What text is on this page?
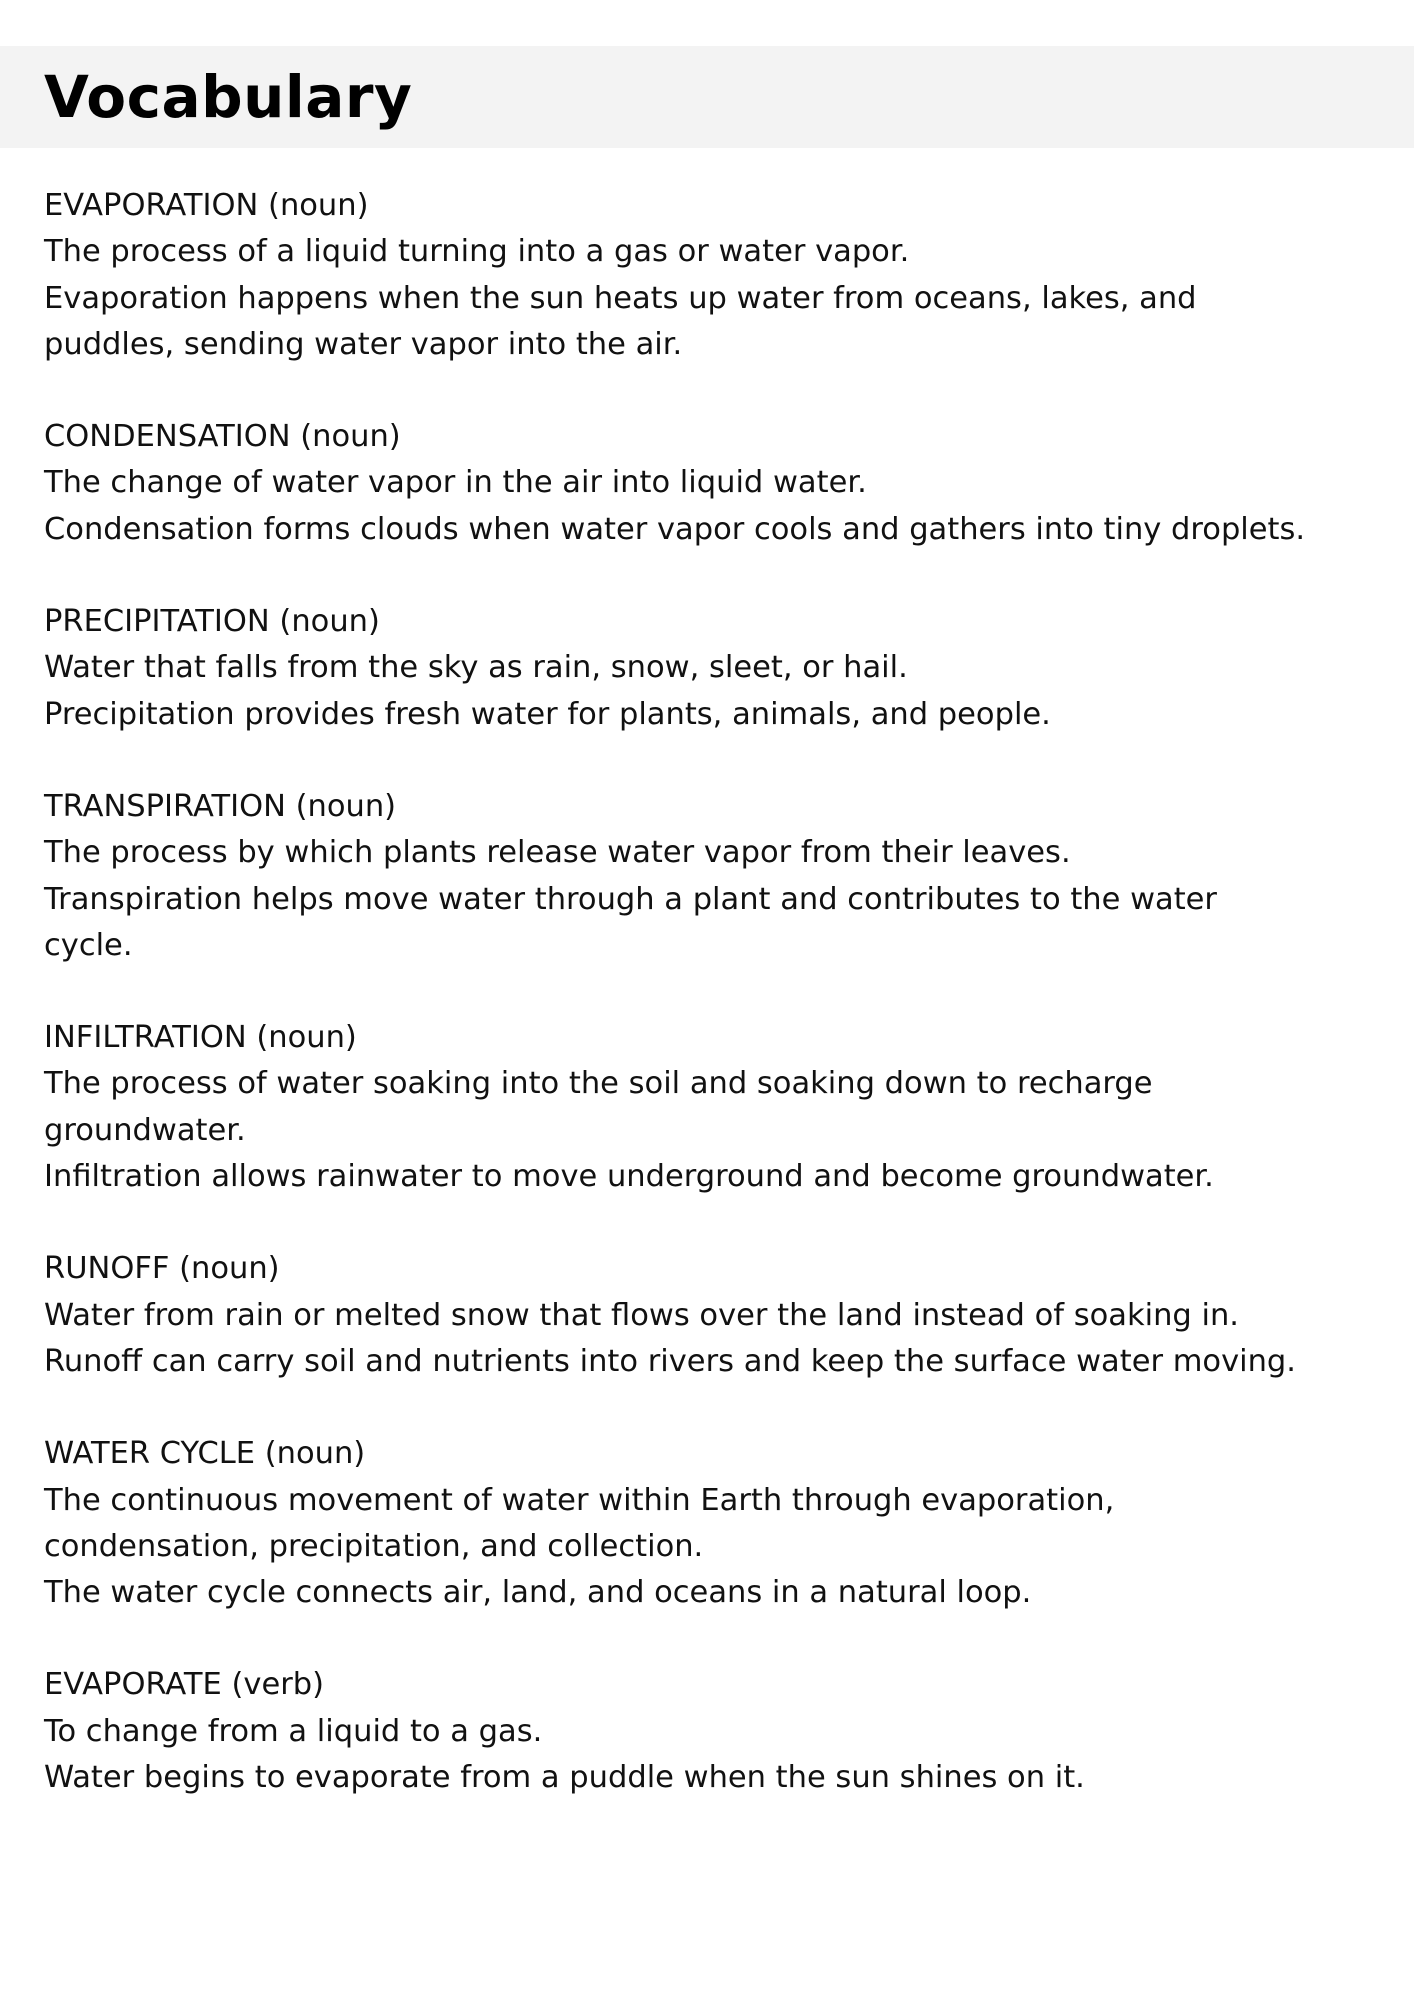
Vocabulary

EVAPORATION (noun)

The process of a liquid turning into a gas or water vapor.

Evaporation happens when the sun heats up water from oceans, lakes, and
puddles, sending water vapor into the air.

CONDENSATION (noun)

The change of water vapor in the air into liquid water.

Condensation forms clouds when water vapor cools and gathers into tiny droplets.

PRECIPITATION (noun)

Water that falls from the sky as rain, snow, sleet, or hail.

Precipitation provides fresh water for plants, animals, and people.

TRANSPIRATION (noun)

The process by which plants release water vapor from their leaves.

Transpiration helps move water through a plant and contributes to the water
cycle.

INFILTRATION (noun)

The process of water soaking into the soil and soaking down to recharge
groundwater.

Infiltration allows rainwater to move underground and become groundwater.

RUNOFF (noun)

Water from rain or melted snow that flows over the land instead of soaking in.

Runoff can carry soil and nutrients into rivers and keep the surface water moving.

WATER CYCLE (noun)

The continuous movement of water within Earth through evaporation,
condensation, precipitation, and collection.

The water cycle connects air, land, and oceans in a natural loop.

EVAPORATE (verb)

To change from a liquid to a gas.

Water begins to evaporate from a puddle when the sun shines on it.
